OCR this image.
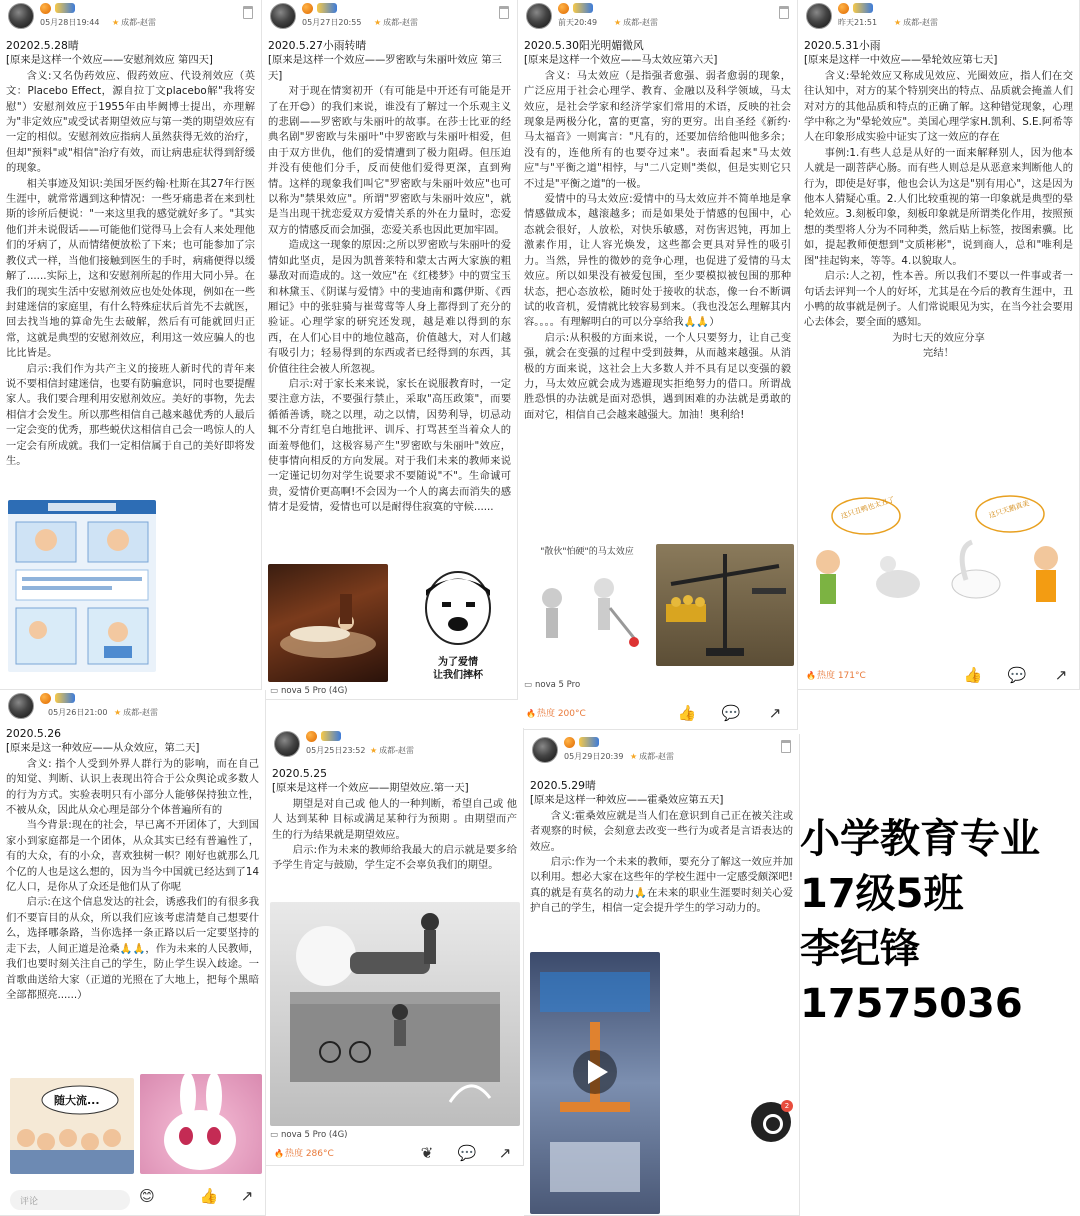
05月28日19:44	★ 成都-赵雷
20202.5.28晴
[原来是这样一个效应——安慰剂效应 第四天]

含义:又名伪药效应、假药效应、代设剂效应（英文：Placebo Effect，源自拉丁文placebo解"我将安慰"）安慰剂效应于1955年由毕阙博士提出，亦理解为"非定效应"或受试者期望效应与第一类的期望效应有一定的相似。安慰剂效应指病人虽然获得无效的治疗，但却"预料"或"相信"治疗有效，而让病患症状得到舒缓的现象。

相关事迹及知识:美国牙医约翰·杜斯在其27年行医生涯中，就常常遇到这种情况：一些牙痛患者在来到杜斯的诊所后便说："一来这里我的感觉就好多了。"其实他们并未说假话——可能他们觉得马上会有人来处理他们的牙病了，从而情绪便放松了下来；也可能参加了宗教仪式一样，当他们接触到医生的手时，病痛便得以缓解了......实际上，这和安慰剂所起的作用大同小异。在我们的现实生活中安慰剂效应也处处体现，例如在一些封建迷信的家庭里，有什么特殊症状后首先不去就医，回去找当地的算命先生去破解，然后有可能就回归正常，这就是典型的安慰剂效应，利用这一效应骗人的也比比皆是。

启示:我们作为共产主义的接班人新时代的青年来说不要相信封建迷信，也要有防骗意识，同时也要提醒家人。我们要合理利用安慰剂效应。美好的事物，先去相信才会发生。所以那些相信自己越来越优秀的人最后一定会变的优秀，那些蜕伏这相信自己会一鸣惊人的人一定会有所成就。我们一定相信属于自己的美好即将发生。

05月27日20:55	★ 成都-赵雷
2020.5.27小雨转晴
[原来是这样一个效应——罗密欧与朱丽叶效应 第三天]

对于现在情窦初开（有可能是中开还有可能是开了在开😊）的我们来说，谁没有了解过一个乐观主义的悲剧——罗密欧与朱丽叶的故事。在莎士比亚的经典名剧"罗密欧与朱丽叶"中罗密欧与朱丽叶相爱，但由于双方世仇，他们的爱情遭到了极力阻碍。但压迫并没有使他们分手，反而使他们爱得更深，直到殉情。这样的现象我们叫它"罗密欧与朱丽叶效应"也可以称为"禁果效应"。所谓"罗密欧与朱丽叶效应"，就是当出现干扰恋爱双方爱情关系的外在力量时，恋爱双方的情感反而会加强，恋爱关系也因此更加牢固。

造成这一现象的原因:之所以罗密欧与朱丽叶的爱情如此坚贞，是因为凯普莱特和蒙太古两大家族的粗暴敌对而造成的。这一效应"在《红楼梦》中的贾宝玉和林黛玉、《阴谋与爱情》中的斐迪南和露伊斯、《西厢记》中的张驻骑与崔莺莺等人身上都得到了充分的验证。心理学家的研究还发现，越是难以得到的东西，在人们心目中的地位越高，价值越大，对人们越有吸引力；轻易得到的东西或者已经得到的东西，其价值往往会被人所忽视。

启示:对于家长来来说，家长在说服教育时，一定要注意方法，不要强行禁止，采取"高压政策"，而要循循善诱，晓之以理，动之以情，因势利导，切忌动辄不分青红皂白地批评、训斥、打骂甚至当着众人的面羞辱他们，这极容易产生"罗密欧与朱丽叶"效应，使事情向相反的方向发展。对于我们未来的教师来说一定谨记切勿对学生说要求不要随说"不"。生命诚可贵，爱情价更高啊!不会因为一个人的离去而消失的感情才是爱情，爱情也可以是耐得住寂寞的守候......

为了爱情
让我们摔杯
▭ nova 5 Pro (4G)
前天20:49	★ 成都-赵雷
2020.5.30阳光明媚微风
[原来是这样一个效应——马太效应第六天]

含义：马太效应（是指强者愈强、弱者愈弱的现象，广泛应用于社会心理学、教育、金融以及科学领域，马太效应，是社会学家和经济学家们常用的术语，反映的社会现象是两极分化，富的更富，穷的更穷。出自圣经《新约·马太福音》一则寓言："凡有的，还要加倍给他叫他多余；没有的，连他所有的也要夺过来"。表面看起来"马太效应"与"平衡之道"相悖，与"二八定则"类似，但是实则它只不过是"平衡之道"的一极。

爱情中的马太效应:爱情中的马太效应并不简单地是拿情感做成本，越滚越多；而是如果处于情感的包围中，心态就会很好，人放松，对快乐敏感，对伤害迟钝，再加上激素作用，让人容光焕发，这些都会更具对异性的吸引力。当然，异性的微妙的竞争心理，也促进了爱情的马太效应。所以如果没有被爱包围，至少要模拟被包围的那种状态，把心态放松，随时处于接收的状态，像一台不断调试的收音机，爱情就比较容易到来。（我也没怎么理解其内容。。。。有理解明白的可以分享给我🙏🙏）

启示:从积极的方面来说，一个人只要努力，让自己变强，就会在变强的过程中受到鼓舞，从而越来越强。从消极的方面来说，这社会上大多数人并不具有足以变强的毅力，马太效应就会成为逃避现实拒绝努力的借口。所谓战胜恐惧的办法就是面对恐惧，遇到困难的办法就是勇敢的面对它，相信自己会越来越强大。加油！奥利给!

"散伙"怕硬"的马太效应
▭ nova 5 Pro
🔥 热度 200°C	👍 💬	↗
昨天21:51	★ 成都-赵雷
2020.5.31小雨
[原来是这样一中效应——晕轮效应第七天]

含义:晕轮效应又称成见效应、光圈效应，指人们在交往认知中，对方的某个特别突出的特点、品质就会掩盖人们对对方的其他品质和特点的正确了解。这种错觉现象，心理学中称之为"晕轮效应"。美国心理学家H.凯利、S.E.阿希等人在印象形成实验中证实了这一效应的存在

事例:1.有些人总是从好的一面来解释别人，因为他本人就是一副菩萨心肠。而有些人则总是从恶意来判断他人的行为，即使是好事，他也会认为这是"别有用心"，这是因为他本人猜疑心重。2.人们比较重视的第一印象就是典型的晕轮效应。3.刻板印象，刻板印象就是所谓类化作用，按照预想的类型将人分为不同种类，然后贴上标签，按图索骥。比如，提起教师便想到"文质彬彬"，说到商人，总和"唯利是图"挂起钩来，等等。4.以貌取人。

启示:人之初，性本善。所以我们不要以一件事或者一句话去评判一个人的好坏，尤其是在今后的教育生涯中，丑小鸭的故事就是例子。人们常说眼见为实，在当今社会要用心去体会，要全面的感知。

为时七天的效应分享
完结！
这只丑鸭也太丑了	这只天鹅真美
🔥 热度 171°C	👍 💬	↗
05月26日21:00	★ 成都-赵雷
2020.5.26
[原来是这一种效应——从众效应，第二天]

含义: 指个人受到外界人群行为的影响，而在自己的知觉、判断、认识上表现出符合于公众舆论或多数人的行为方式。实验表明只有小部分人能够保持独立性，不被从众，因此从众心理是部分个体普遍所有的

当今背景:现在的社会，早已离不开团体了，大到国家小到家庭都是一个团体，从众其实已经有普遍性了，有的大众，有的小众，喜欢独树一帜？刚好也就那么几个亿的人也是这么想的，因为当今中国就已经达到了14亿人口，是你从了众还是他们从了你呢

启示:在这个信息发达的社会，诱惑我们的有很多我们不要盲目的从众，所以我们应该考虑清楚自己想要什么，选择哪条路，当你选择一条正路以后一定要坚持的走下去，人间正道是沧桑🙏🙏，作为未来的人民教师，我们也要时刻关注自己的学生，防止学生误入歧途。一首歌曲送给大家（正道的光照在了大地上，把每个黑暗全部都照亮......）

随大流...
评论	😊	👍	↗
05月25日23:52	★ 成都-赵雷
2020.5.25
[原来是这样一个效应——期望效应.第一天]

期望是对自己或 他人的一种判断，希望自己或 他人 达到某种 目标或满足某种行为预期 。由期望而产生的行为结果就是期望效应。

启示:作为未来的教师给我最大的启示就是要多给予学生肯定与鼓励，学生定不会辜负我们的期望。

▭ nova 5 Pro (4G)
🔥 热度 286°C	❦	💬	↗
05月29日20:39	★ 成都-赵雷
2020.5.29晴
[原来是这样一种效应——霍桑效应第五天]

含义:霍桑效应就是当人们在意识到自己正在被关注或者观察的时候，会刻意去改变一些行为或者是言语表达的效应。

启示:作为一个未来的教师，要充分了解这一效应并加以利用。想必大家在这些年的学校生涯中一定感受颇深吧!真的就是有莫名的动力🙏在未来的职业生涯要时刻关心爱护自己的学生，相信一定会提升学生的学习动力的。

2
小学教育专业
17级5班
李纪锋
17575036
